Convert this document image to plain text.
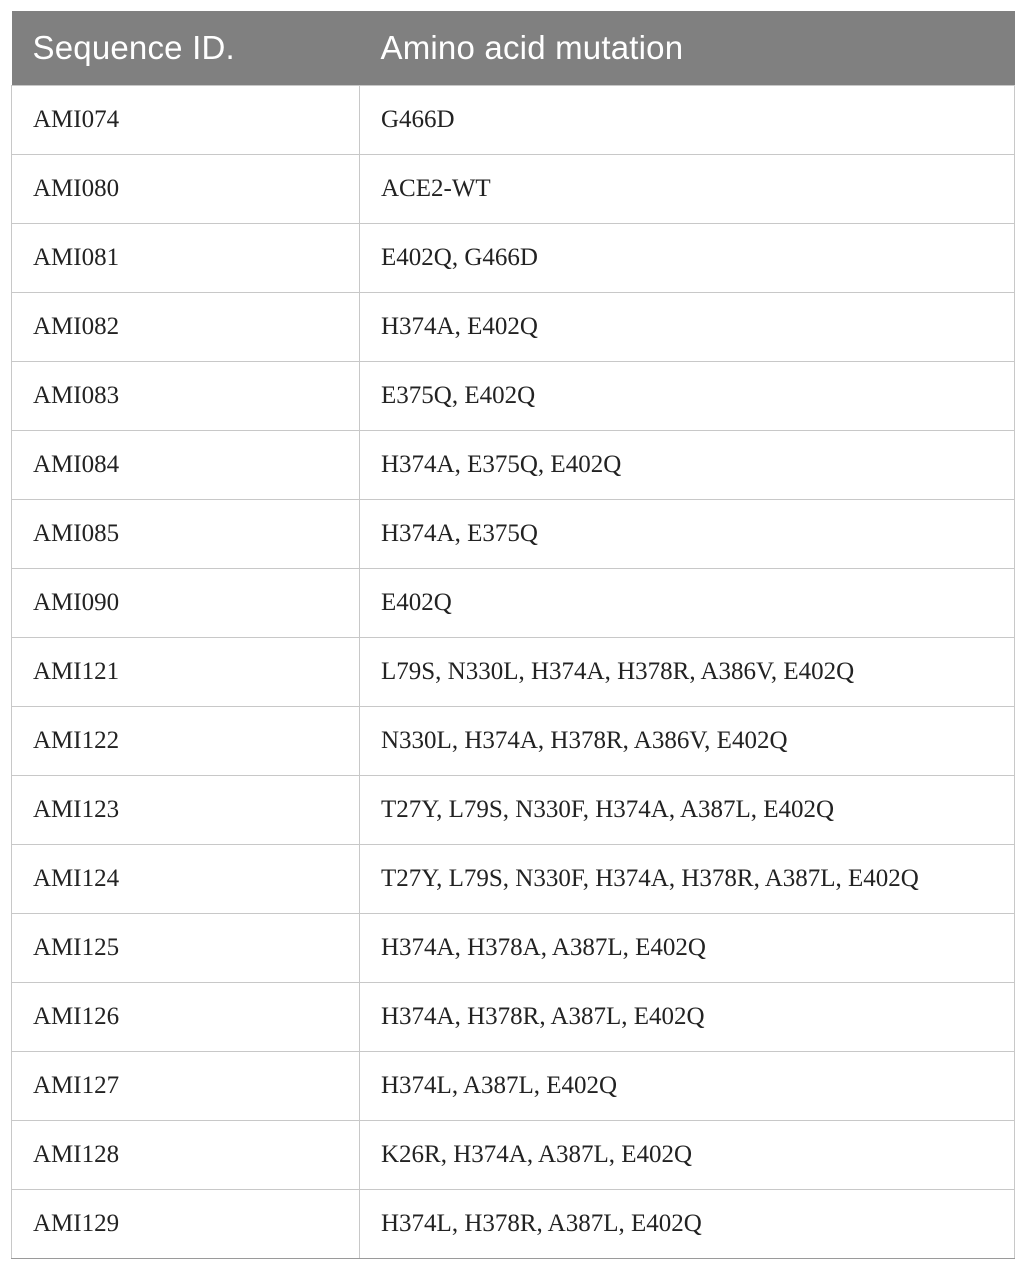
Sequence ID.	Amino acid mutation
AMI074	G466D
AMI080	ACE2-WT
AMI081	E402Q, G466D
AMI082	H374A, E402Q
AMI083	E375Q, E402Q
AMI084	H374A, E375Q, E402Q
AMI085	H374A, E375Q
AMI090	E402Q
AMI121	L79S, N330L, H374A, H378R, A386V, E402Q
AMI122	N330L, H374A, H378R, A386V, E402Q
AMI123	T27Y, L79S, N330F, H374A, A387L, E402Q
AMI124	T27Y, L79S, N330F, H374A, H378R, A387L, E402Q
AMI125	H374A, H378A, A387L, E402Q
AMI126	H374A, H378R, A387L, E402Q
AMI127	H374L, A387L, E402Q
AMI128	K26R, H374A, A387L, E402Q
AMI129	H374L, H378R, A387L, E402Q
